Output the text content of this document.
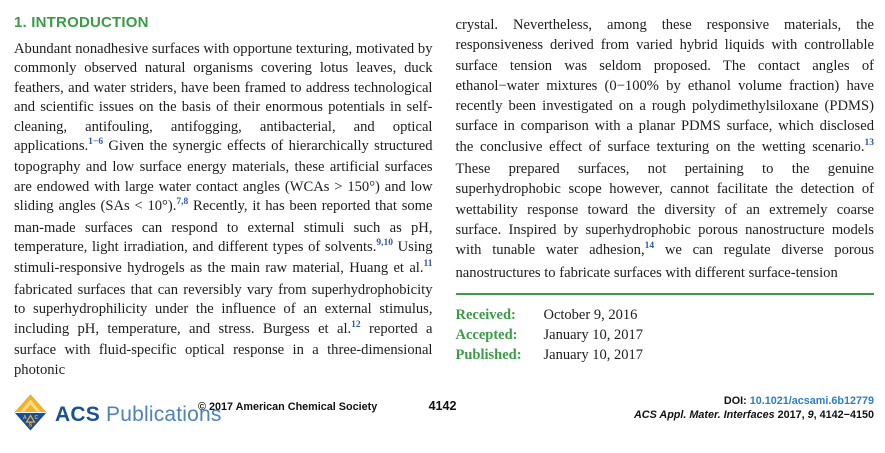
1. INTRODUCTION

Abundant nonadhesive surfaces with opportune texturing, motivated by commonly observed natural organisms covering lotus leaves, duck feathers, and water striders, have been framed to address technological and scientific issues on the basis of their enormous potentials in self-cleaning, antifouling, antifogging, antibacterial, and optical applications.$^{1-6}$ Given the synergic effects of hierarchically structured topography and low surface energy materials, these artificial surfaces are endowed with large water contact angles (WCAs > 150°) and low sliding angles (SAs < 10°).$^{7,8}$ Recently, it has been reported that some man-made surfaces can respond to external stimuli such as pH, temperature, light irradiation, and different types of solvents.$^{9,10}$ Using stimuli-responsive hydrogels as the main raw material, Huang et al.$^{11}$ fabricated surfaces that can reversibly vary from superhydrophobicity to superhydrophilicity under the influence of an external stimulus, including pH, temperature, and stress. Burgess et al.$^{12}$ reported a surface with fluid-specific optical response in a three-dimensional photonic

crystal. Nevertheless, among these responsive materials, the responsiveness derived from varied hybrid liquids with controllable surface tension was seldom proposed. The contact angles of ethanol−water mixtures (0−100% by ethanol volume fraction) have recently been investigated on a rough polydimethylsiloxane (PDMS) surface in comparison with a planar PDMS surface, which disclosed the conclusive effect of surface texturing on the wetting scenario.$^{13}$ These prepared surfaces, not pertaining to the genuine superhydrophobic scope however, cannot facilitate the detection of wettability response toward the diversity of an extremely coarse surface. Inspired by superhydrophobic porous nanostructure models with tunable water adhesion,$^{14}$ we can regulate diverse porous nanostructures to fabricate surfaces with different surface-tension

Received:	October 9, 2016
Accepted:	January 10, 2017
Published:	January 10, 2017
A C
S ACS Publications
© 2017 American Chemical Society	4142	DOI: 10.1021/acsami.6b12779
ACS Appl. Mater. Interfaces 2017, 9, 4142−4150
